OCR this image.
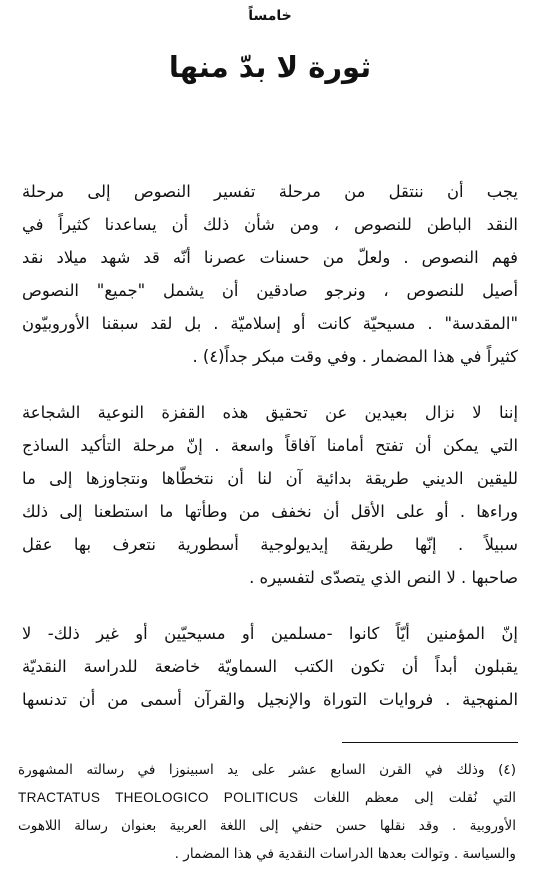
خامساً
ثورة لا بدّ منها

يجب أن ننتقل من مرحلة تفسير النصوص إلى مرحلة
النقد الباطن للنصوص ، ومن شأن ذلك أن يساعدنا كثيراً في
فهم النصوص . ولعلّ من حسنات عصرنا أنّه قد شهد ميلاد نقد
أصيل للنصوص ، ونرجو صادقين أن يشمل "جميع" النصوص
"المقدسة" . مسيحيّة كانت أو إسلاميّة . بل لقد سبقنا الأوروبيّون
كثيراً في هذا المضمار . وفي وقت مبكر جداً(٤) .

إننا لا نزال بعيدين عن تحقيق هذه القفزة النوعية الشجاعة
التي يمكن أن تفتح أمامنا آفاقاً واسعة . إنّ مرحلة التأكيد الساذج
لليقين الديني طريقة بدائية آن لنا أن نتخطّاها ونتجاوزها إلى ما
وراءها . أو على الأقل أن نخفف من وطأتها ما استطعنا إلى ذلك
سبيلاً . إنّها طريقة إيديولوجية أسطورية نتعرف بها عقل
صاحبها . لا النص الذي يتصدّى لتفسيره .

إنّ المؤمنين أيّاً كانوا -مسلمين أو مسيحيّين أو غير ذلك- لا
يقبلون أبداً أن تكون الكتب السماويّة خاضعة للدراسة النقديّة
المنهجية . فروايات التوراة والإنجيل والقرآن أسمى من أن تدنسها

(٤) وذلك في القرن السابع عشر على يد اسبينوزا في رسالته المشهورة
التي نُقلت إلى معظم اللغات TRACTATUS THEOLOGICO POLITICUS
الأوروبية . وقد نقلها حسن حنفي إلى اللغة العربية بعنوان رسالة اللاهوت
والسياسة . وتوالت بعدها الدراسات النقدية في هذا المضمار .
